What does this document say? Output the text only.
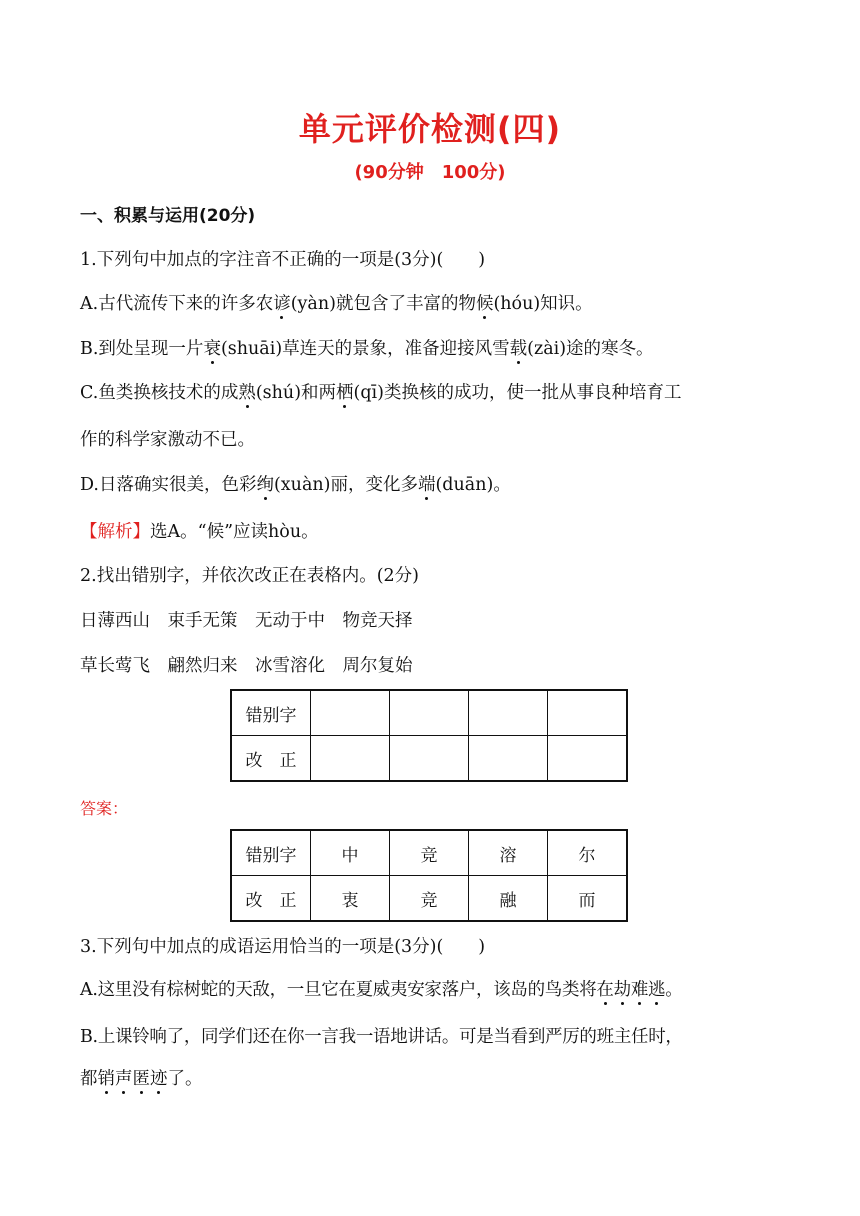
单元评价检测(四)
(90分钟　100分)
一、积累与运用(20分)
1.下列句中加点的字注音不正确的一项是(3分)(　　)
A.古代流传下来的许多农谚(yàn)就包含了丰富的物候(hóu)知识。
B.到处呈现一片衰(shuāi)草连天的景象，准备迎接风雪载(zài)途的寒冬。
C.鱼类换核技术的成熟(shú)和两栖(qī)类换核的成功，使一批从事良种培育工
作的科学家激动不已。
D.日落确实很美，色彩绚(xuàn)丽，变化多端(duān)。
【解析】选A。“候”应读hòu。
2.找出错别字，并依次改正在表格内。(2分)
日薄西山　束手无策　无动于中　物竞天择
草长莺飞　翩然归来　冰雪溶化　周尔复始
错别字				
改　正				
答案：
错别字	中	竞	溶	尔
改　正	衷	竞	融	而
3.下列句中加点的成语运用恰当的一项是(3分)(　　)
A.这里没有棕树蛇的天敌，一旦它在夏威夷安家落户，该岛的鸟类将在劫难逃。
B.上课铃响了，同学们还在你一言我一语地讲话。可是当看到严厉的班主任时，
都销声匿迹了。
